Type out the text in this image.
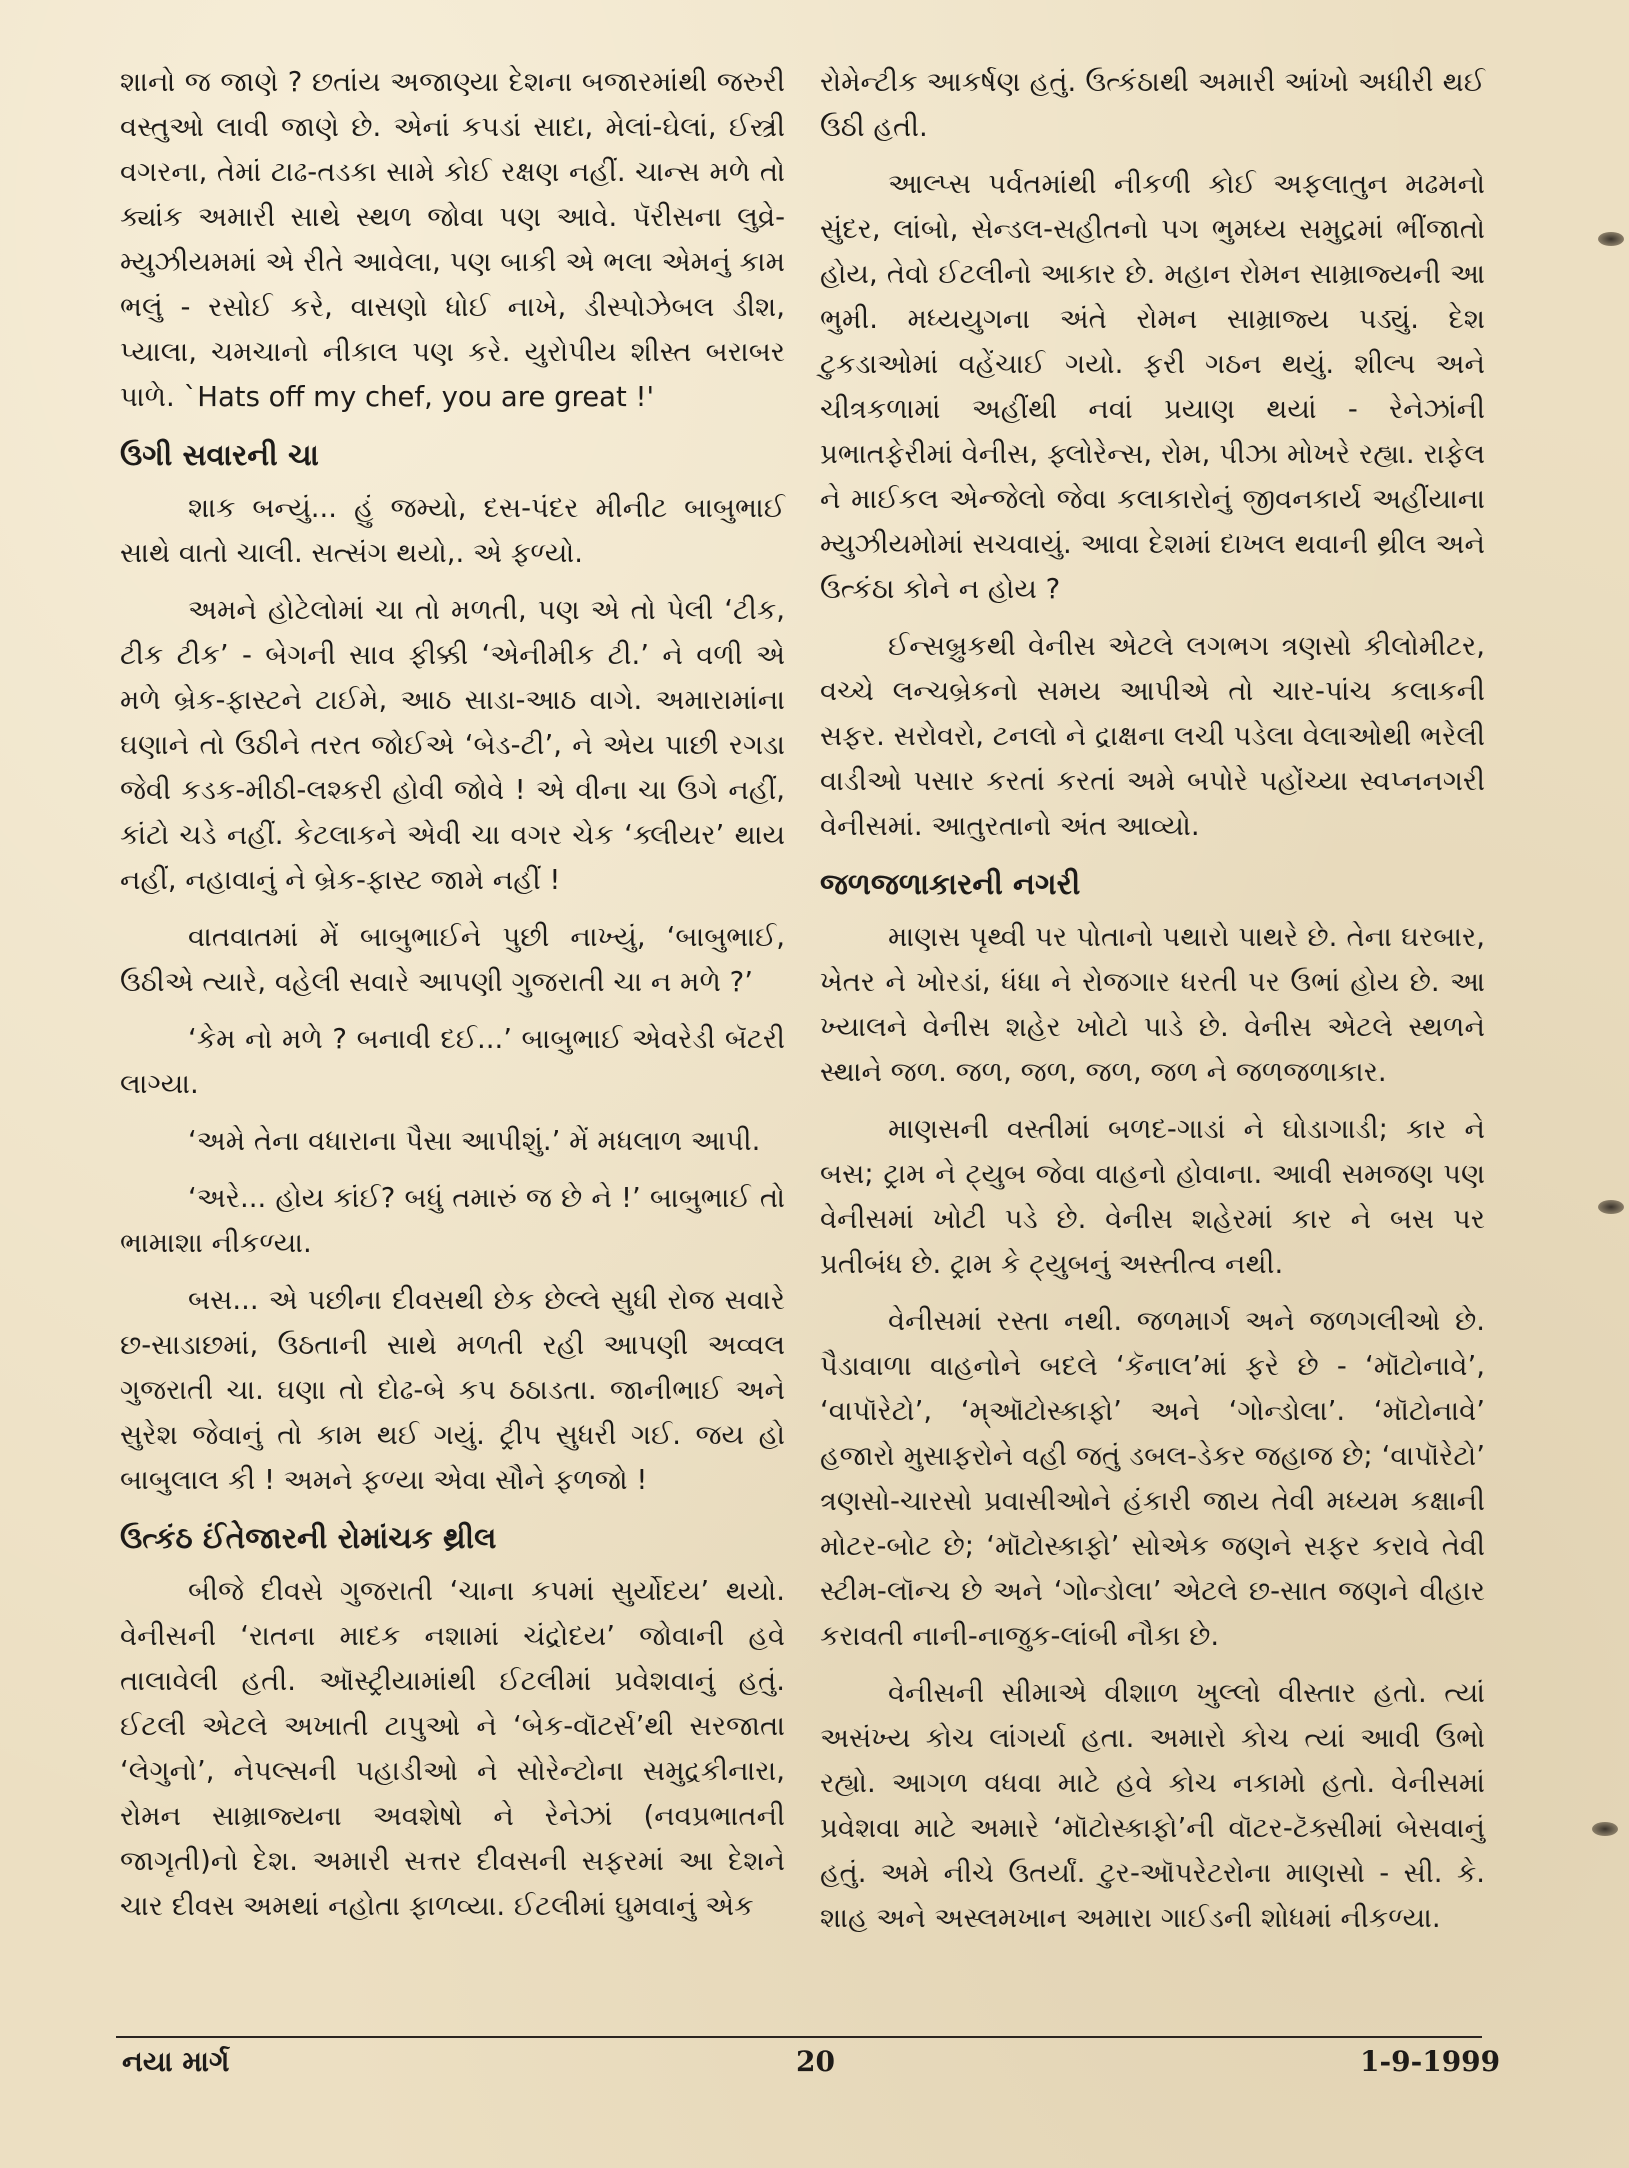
શાનો જ જાણે ? છતાંય અજાણ્યા દેશના બજારમાંથી જરુરી વસ્તુઓ લાવી જાણે છે. એનાં કપડાં સાદા, મેલાં-ઘેલાં, ઈસ્ત્રી વગરના, તેમાં ટાઢ-તડકા સામે કોઈ રક્ષણ નહીં. ચાન્સ મળે તો ક્યાંક અમારી સાથે સ્થળ જોવા પણ આવે. પૅરીસના લુવ્રે-મ્યુઝીયમમાં એ રીતે આવેલા, પણ બાકી એ ભલા એમનું કામ ભલું - રસોઈ કરે, વાસણો ધોઈ નાખે, ડીસ્પોઝેબલ ડીશ, પ્યાલા, ચમચાનો નીકાલ પણ કરે. યુરોપીય શીસ્ત બરાબર પાળે. `Hats off my chef, you are great !'

ઉગી સવારની ચા

શાક બન્યું... હું જમ્યો, દસ-પંદર મીનીટ બાબુભાઈ સાથે વાતો ચાલી. સત્સંગ થયો,. એ ફળ્યો.

અમને હોટેલોમાં ચા તો મળતી, પણ એ તો પેલી ‘ટીક, ટીક ટીક’ - બેગની સાવ ફીક્કી ‘એનીમીક ટી.’ ને વળી એ મળે બ્રેક-ફાસ્ટને ટાઈમે, આઠ સાડા-આઠ વાગે. અમારામાંના ઘણાને તો ઉઠીને તરત જોઈએ ‘બેડ-ટી’, ને એય પાછી રગડા જેવી કડક-મીઠી-લશ્કરી હોવી જોવે ! એ વીના ચા ઉગે નહીં, કાંટો ચડે નહીં. કેટલાકને એવી ચા વગર ચેક ‘ક્લીયર’ થાય નહીં, નહાવાનું ને બ્રેક-ફાસ્ટ જામે નહીં !

વાતવાતમાં મેં બાબુભાઈને પુછી નાખ્યું, ‘બાબુભાઈ, ઉઠીએ ત્યારે, વહેલી સવારે આપણી ગુજરાતી ચા ન મળે ?’

‘કેમ નો મળે ? બનાવી દઈ...’ બાબુભાઈ એવરેડી બૅટરી લાગ્યા.

‘અમે તેના વધારાના પૈસા આપીશું.’ મેં મધલાળ આપી.

‘અરે... હોય કાંઈ? બધું તમારું જ છે ને !’ બાબુભાઈ તો ભામાશા નીકળ્યા.

બસ... એ પછીના દીવસથી છેક છેલ્લે સુધી રોજ સવારે છ-સાડાછમાં, ઉઠતાની સાથે મળતી રહી આપણી અવ્વલ ગુજરાતી ચા. ઘણા તો દોઢ-બે કપ ઠઠાડતા. જાનીભાઈ અને સુરેશ જેવાનું તો કામ થઈ ગયું. ટ્રીપ સુધરી ગઈ. જય હો બાબુલાલ કી ! અમને ફળ્યા એવા સૌને ફળજો !

ઉત્કંઠ ઈંતેજારની રોમાંચક થ્રીલ

બીજે દીવસે ગુજરાતી ‘ચાના કપમાં સુર્યોદય’ થયો. વેનીસની ‘રાતના માદક નશામાં ચંદ્રોદય’ જોવાની હવે તાલાવેલી હતી. ઑસ્ટ્રીયામાંથી ઈટલીમાં પ્રવેશવાનું હતું. ઈટલી એટલે અખાતી ટાપુઓ ને ‘બેક-વૉટર્સ’થી સરજાતા ‘લેગુનો’, નેપલ્સની પહાડીઓ ને સોરેન્ટોના સમુદ્રકીનારા, રોમન સામ્રાજ્યના અવશેષો ને રેનેઝાં (નવપ્રભાતની જાગૃતી)નો દેશ. અમારી સત્તર દીવસની સફરમાં આ દેશને ચાર દીવસ અમથાં નહોતા ફાળવ્યા. ઈટલીમાં ઘુમવાનું એક

રોમેન્ટીક આકર્ષણ હતું. ઉત્કંઠાથી અમારી આંખો અધીરી થઈ ઉઠી હતી.

આલ્પ્સ પર્વતમાંથી નીકળી કોઈ અફલાતુન મઢમનો સુંદર, લાંબો, સેન્ડલ-સહીતનો પગ ભુમધ્ય સમુદ્રમાં ભીંજાતો હોય, તેવો ઈટલીનો આકાર છે. મહાન રોમન સામ્રાજ્યની આ ભુમી. મધ્યયુગના અંતે રોમન સામ્રાજ્ય પડ્યું. દેશ ટુકડાઓમાં વહેંચાઈ ગયો. ફરી ગઠન થયું. શીલ્પ અને ચીત્રકળામાં અહીંથી નવાં પ્રયાણ થયાં - રેનેઝાંની પ્રભાતફેરીમાં વેનીસ, ફ્લોરેન્સ, રોમ, પીઝા મોખરે રહ્યા. રાફેલ ને માઈકલ એન્જેલો જેવા કલાકારોનું જીવનકાર્ય અહીંયાના મ્યુઝીયમોમાં સચવાયું. આવા દેશમાં દાખલ થવાની થ્રીલ અને ઉત્કંઠા કોને ન હોય ?

ઈન્સબ્રુકથી વેનીસ એટલે લગભગ ત્રણસો કીલોમીટર, વચ્ચે લન્ચબ્રેકનો સમય આપીએ તો ચાર-પાંચ કલાકની સફર. સરોવરો, ટનલો ને દ્રાક્ષના લચી પડેલા વેલાઓથી ભરેલી વાડીઓ પસાર કરતાં કરતાં અમે બપોરે પહોંચ્યા સ્વપ્નનગરી વેનીસમાં. આતુરતાનો અંત આવ્યો.

જળજળાકારની નગરી

માણસ પૃથ્વી પર પોતાનો પથારો પાથરે છે. તેના ઘરબાર, ખેતર ને ખોરડાં, ધંધા ને રોજગાર ધરતી પર ઉભાં હોય છે. આ ખ્યાલને વેનીસ શહેર ખોટો પાડે છે. વેનીસ એટલે સ્થળને સ્થાને જળ. જળ, જળ, જળ, જળ ને જળજળાકાર.

માણસની વસ્તીમાં બળદ-ગાડાં ને ઘોડાગાડી; કાર ને બસ; ટ્રામ ને ટ્યુબ જેવા વાહનો હોવાના. આવી સમજણ પણ વેનીસમાં ખોટી પડે છે. વેનીસ શહેરમાં કાર ને બસ પર પ્રતીબંધ છે. ટ્રામ કે ટ્યુબનું અસ્તીત્વ નથી.

વેનીસમાં રસ્તા નથી. જળમાર્ગ અને જળગલીઓ છે. પૈડાવાળા વાહનોને બદલે ‘કૅનાલ’માં ફરે છે - ‘મૉટોનાવે’, ‘વાપૉરેટો’, ‘મ્ઑટોસ્કાફો’ અને ‘ગોન્ડોલા’. ‘મૉટોનાવે’ હજારો મુસાફરોને વહી જતું ડબલ-ડેકર જહાજ છે; ‘વાપૉરેટો’ ત્રણસો-ચારસો પ્રવાસીઓને હંકારી જાય તેવી મધ્યમ કક્ષાની મોટર-બોટ છે; ‘મૉટોસ્કાફો’ સોએક જણને સફર કરાવે તેવી સ્ટીમ-લૉન્ચ છે અને ‘ગોન્ડોલા’ એટલે છ-સાત જણને વીહાર કરાવતી નાની-નાજુક-લાંબી નૌકા છે.

વેનીસની સીમાએ વીશાળ ખુલ્લો વીસ્તાર હતો. ત્યાં અસંખ્ય કોચ લાંગર્યા હતા. અમારો કોચ ત્યાં આવી ઉભો રહ્યો. આગળ વધવા માટે હવે કોચ નકામો હતો. વેનીસમાં પ્રવેશવા માટે અમારે ‘મૉટોસ્કાફો’ની વૉટર-ટૅક્સીમાં બેસવાનું હતું. અમે નીચે ઉતર્યાં. ટુર-ઑપરેટરોના માણસો - સી. કે. શાહ અને અસ્લમખાન અમારા ગાઈડની શોધમાં નીકળ્યા.

નયા માર્ગ	20	1-9-1999
